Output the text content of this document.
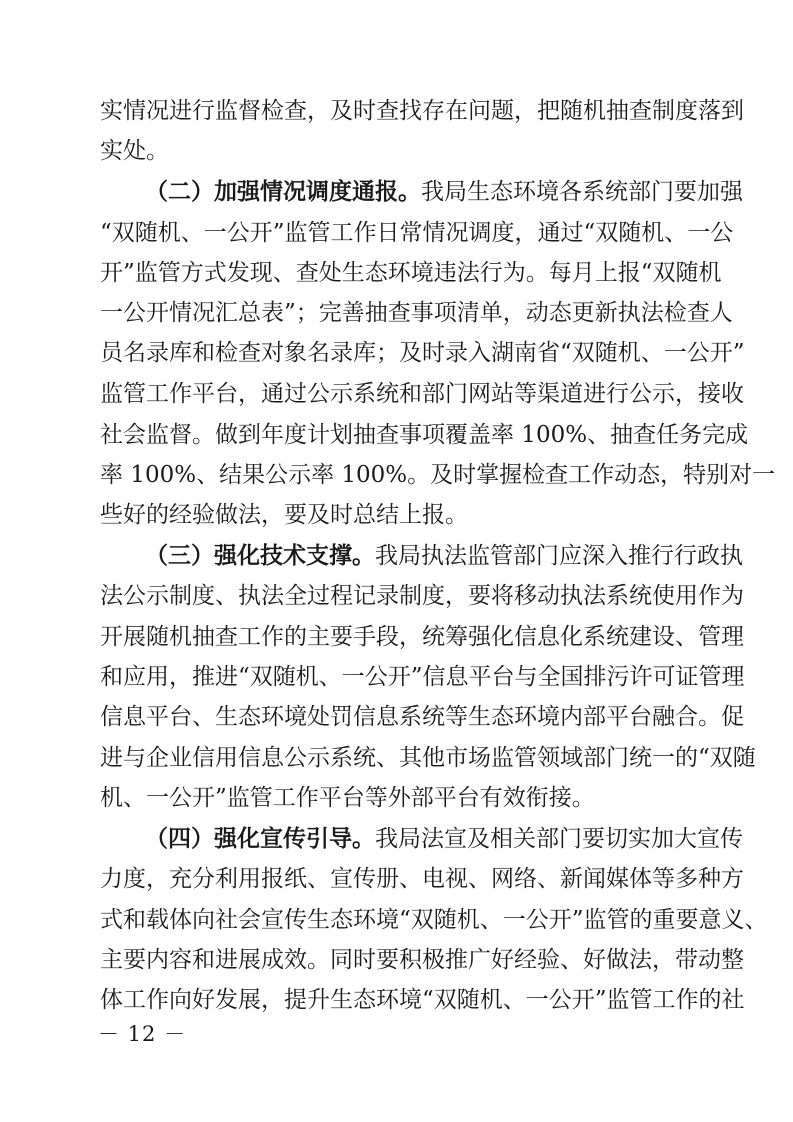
实情况进行监督检查，及时查找存在问题，把随机抽查制度落到
实处。
（二）加强情况调度通报。我局生态环境各系统部门要加强
“双随机、一公开”监管工作日常情况调度，通过“双随机、一公
开”监管方式发现、查处生态环境违法行为。每月上报“双随机
一公开情况汇总表”；完善抽查事项清单，动态更新执法检查人
员名录库和检查对象名录库；及时录入湖南省“双随机、一公开”
监管工作平台，通过公示系统和部门网站等渠道进行公示，接收
社会监督。做到年度计划抽查事项覆盖率 100%、抽查任务完成
率 100%、结果公示率 100%。及时掌握检查工作动态，特别对一
些好的经验做法，要及时总结上报。
（三）强化技术支撑。我局执法监管部门应深入推行行政执
法公示制度、执法全过程记录制度，要将移动执法系统使用作为
开展随机抽查工作的主要手段，统筹强化信息化系统建设、管理
和应用，推进“双随机、一公开”信息平台与全国排污许可证管理
信息平台、生态环境处罚信息系统等生态环境内部平台融合。促
进与企业信用信息公示系统、其他市场监管领域部门统一的“双随
机、一公开”监管工作平台等外部平台有效衔接。
（四）强化宣传引导。我局法宣及相关部门要切实加大宣传
力度，充分利用报纸、宣传册、电视、网络、新闻媒体等多种方
－ 12 －
式和载体向社会宣传生态环境“双随机、一公开”监管的重要意义、
主要内容和进展成效。同时要积极推广好经验、好做法，带动整
体工作向好发展，提升生态环境“双随机、一公开”监管工作的社
